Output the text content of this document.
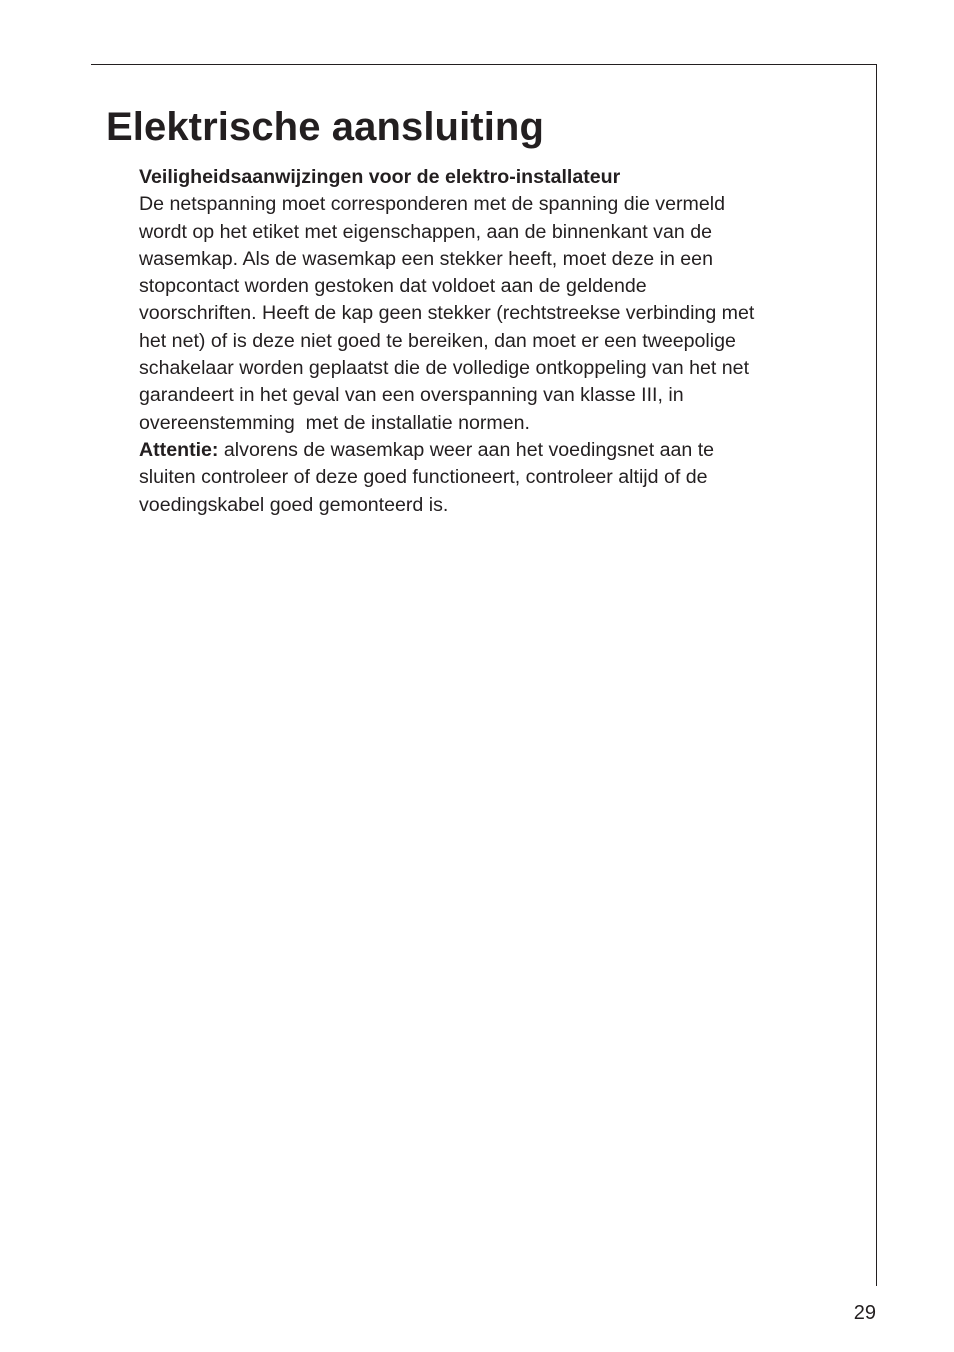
Elektrische aansluiting
Veiligheidsaanwijzingen voor de elektro-installateur
De netspanning moet corresponderen met de spanning die vermeld
wordt op het etiket met eigenschappen, aan de binnenkant van de
wasemkap. Als de wasemkap een stekker heeft, moet deze in een
stopcontact worden gestoken dat voldoet aan de geldende
voorschriften. Heeft de kap geen stekker (rechtstreekse verbinding met
het net) of is deze niet goed te bereiken, dan moet er een tweepolige
schakelaar worden geplaatst die de volledige ontkoppeling van het net
garandeert in het geval van een overspanning van klasse III, in
overeenstemming  met de installatie normen.
Attentie: alvorens de wasemkap weer aan het voedingsnet aan te
sluiten controleer of deze goed functioneert, controleer altijd of de
voedingskabel goed gemonteerd is.
29
